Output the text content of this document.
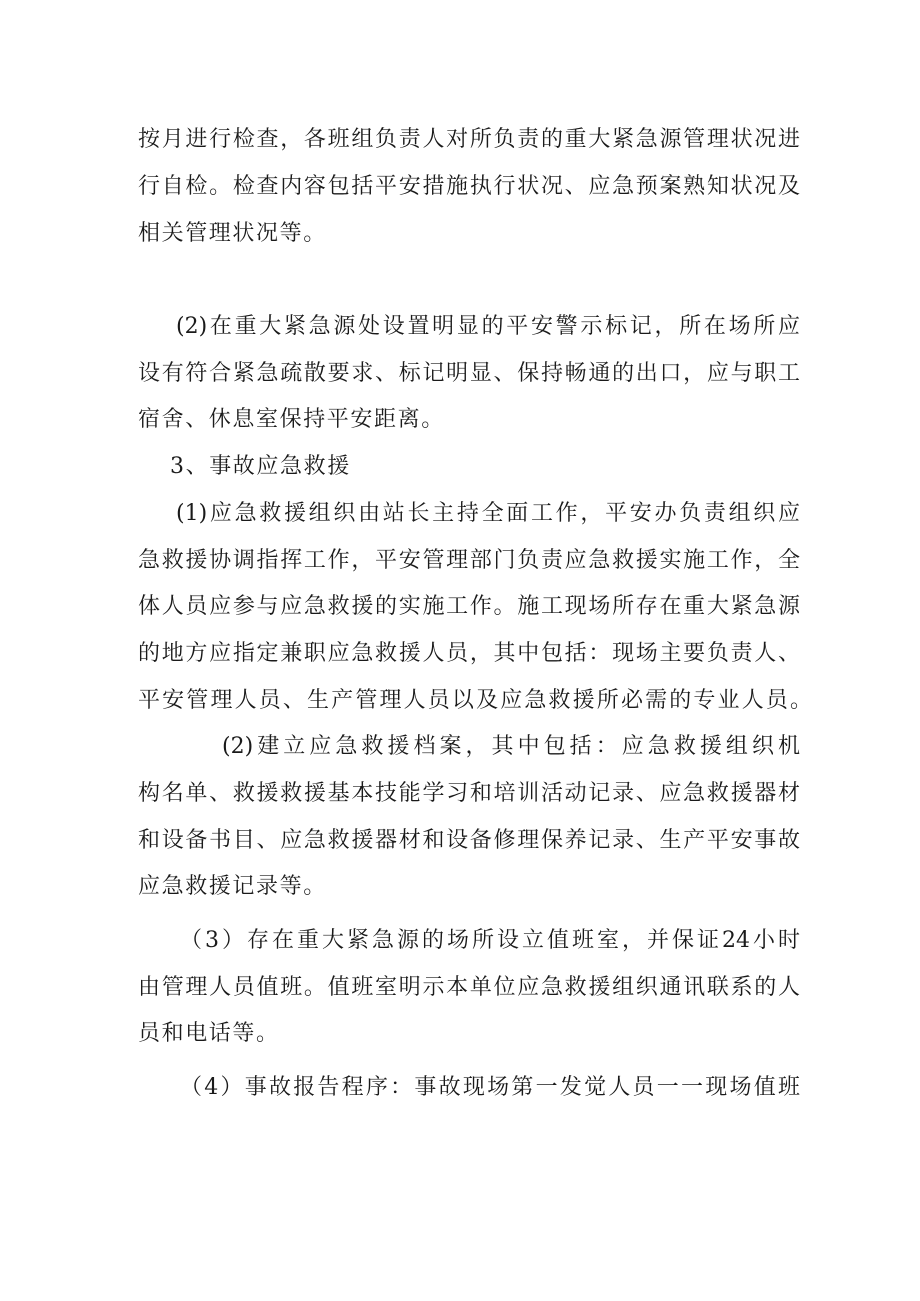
按月进行检查，各班组负责人对所负责的重大紧急源管理状况进
行自检。检查内容包括平安措施执行状况、应急预案熟知状况及
相关管理状况等。
(2)在重大紧急源处设置明显的平安警示标记，所在场所应
设有符合紧急疏散要求、标记明显、保持畅通的出口，应与职工
宿舍、休息室保持平安距离。
3、事故应急救援
(1)应急救援组织由站长主持全面工作，平安办负责组织应
急救援协调指挥工作，平安管理部门负责应急救援实施工作，全
体人员应参与应急救援的实施工作。施工现场所存在重大紧急源
的地方应指定兼职应急救援人员，其中包括：现场主要负责人、
平安管理人员、生产管理人员以及应急救援所必需的专业人员。
(2)建立应急救援档案，其中包括：应急救援组织机
构名单、救援救援基本技能学习和培训活动记录、应急救援器材
和设备书目、应急救援器材和设备修理保养记录、生产平安事故
应急救援记录等。
（3）存在重大紧急源的场所设立值班室，并保证24小时
由管理人员值班。值班室明示本单位应急救援组织通讯联系的人
员和电话等。
（4）事故报告程序：事故现场第一发觉人员一一现场值班
